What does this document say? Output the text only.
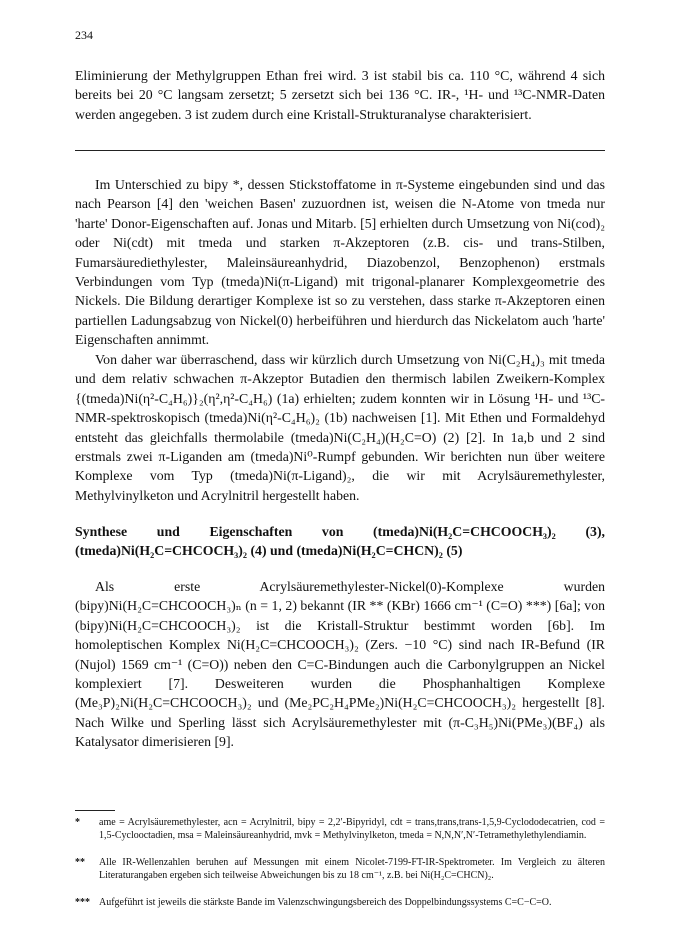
234

Eliminierung der Methylgruppen Ethan frei wird. 3 ist stabil bis ca. 110 °C, während 4 sich bereits bei 20 °C langsam zersetzt; 5 zersetzt sich bei 136 °C. IR-, ¹H- und ¹³C-NMR-Daten werden angegeben. 3 ist zudem durch eine Kristall-Strukturanalyse charakterisiert.

Im Unterschied zu bipy *, dessen Stickstoffatome in π-Systeme eingebunden sind und das nach Pearson [4] den 'weichen Basen' zuzuordnen ist, weisen die N-Atome von tmeda nur 'harte' Donor-Eigenschaften auf. Jonas und Mitarb. [5] erhielten durch Umsetzung von Ni(cod)₂ oder Ni(cdt) mit tmeda und starken π-Akzeptoren (z.B. cis- und trans-Stilben, Fumarsäurediethylester, Maleinsäureanhydrid, Diazobenzol, Benzophenon) erstmals Verbindungen vom Typ (tmeda)Ni(π-Ligand) mit trigonal-planarer Komplexgeometrie des Nickels. Die Bildung derartiger Komplexe ist so zu verstehen, dass starke π-Akzeptoren einen partiellen Ladungsabzug von Nickel(0) herbeiführen und hierdurch das Nickelatom auch 'harte' Eigenschaften annimmt.

Von daher war überraschend, dass wir kürzlich durch Umsetzung von Ni(C₂H₄)₃ mit tmeda und dem relativ schwachen π-Akzeptor Butadien den thermisch labilen Zweikern-Komplex {(tmeda)Ni(η²-C₄H₆)}₂(η²,η²-C₄H₆) (1a) erhielten; zudem konnten wir in Lösung ¹H- und ¹³C-NMR-spektroskopisch (tmeda)Ni(η²-C₄H₆)₂ (1b) nachweisen [1]. Mit Ethen und Formaldehyd entsteht das gleichfalls thermolabile (tmeda)Ni(C₂H₄)(H₂C=O) (2) [2]. In 1a,b und 2 sind erstmals zwei π-Liganden am (tmeda)Ni⁰-Rumpf gebunden. Wir berichten nun über weitere Komplexe vom Typ (tmeda)Ni(π-Ligand)₂, die wir mit Acrylsäuremethylester, Methylvinylketon und Acrylnitril hergestellt haben.

Synthese und Eigenschaften von (tmeda)Ni(H₂C=CHCOOCH₃)₂ (3), (tmeda)Ni(H₂C=CHCOCH₃)₂ (4) und (tmeda)Ni(H₂C=CHCN)₂ (5)

Als erste Acrylsäuremethylester-Nickel(0)-Komplexe wurden (bipy)Ni(H₂C=CHCOOCH₃)ₙ (n = 1, 2) bekannt (IR ** (KBr) 1666 cm⁻¹ (C=O) ***) [6a]; von (bipy)Ni(H₂C=CHCOOCH₃)₂ ist die Kristall-Struktur bestimmt worden [6b]. Im homoleptischen Komplex Ni(H₂C=CHCOOCH₃)₂ (Zers. −10 °C) sind nach IR-Befund (IR (Nujol) 1569 cm⁻¹ (C=O)) neben den C=C-Bindungen auch die Carbonylgruppen an Nickel komplexiert [7]. Desweiteren wurden die Phosphanhaltigen Komplexe (Me₃P)₂Ni(H₂C=CHCOOCH₃)₂ und (Me₂PC₂H₄PMe₂)Ni(H₂C=CHCOOCH₃)₂ hergestellt [8]. Nach Wilke und Sperling lässt sich Acrylsäuremethylester mit (π-C₃H₅)Ni(PMe₃)(BF₄) als Katalysator dimerisieren [9].

*	ame = Acrylsäuremethylester, acn = Acrylnitril, bipy = 2,2′-Bipyridyl, cdt = trans,trans,trans-1,5,9-Cyclododecatrien, cod = 1,5-Cyclooctadien, msa = Maleinsäureanhydrid, mvk = Methylvinylketon, tmeda = N,N,N′,N′-Tetramethylethylendiamin.
**	Alle IR-Wellenzahlen beruhen auf Messungen mit einem Nicolet-7199-FT-IR-Spektrometer. Im Vergleich zu älteren Literaturangaben ergeben sich teilweise Abweichungen bis zu 18 cm⁻¹, z.B. bei Ni(H₂C=CHCN)₂.
*** Aufgeführt ist jeweils die stärkste Bande im Valenzschwingungsbereich des Doppelbindungssystems C=C−C=O.
